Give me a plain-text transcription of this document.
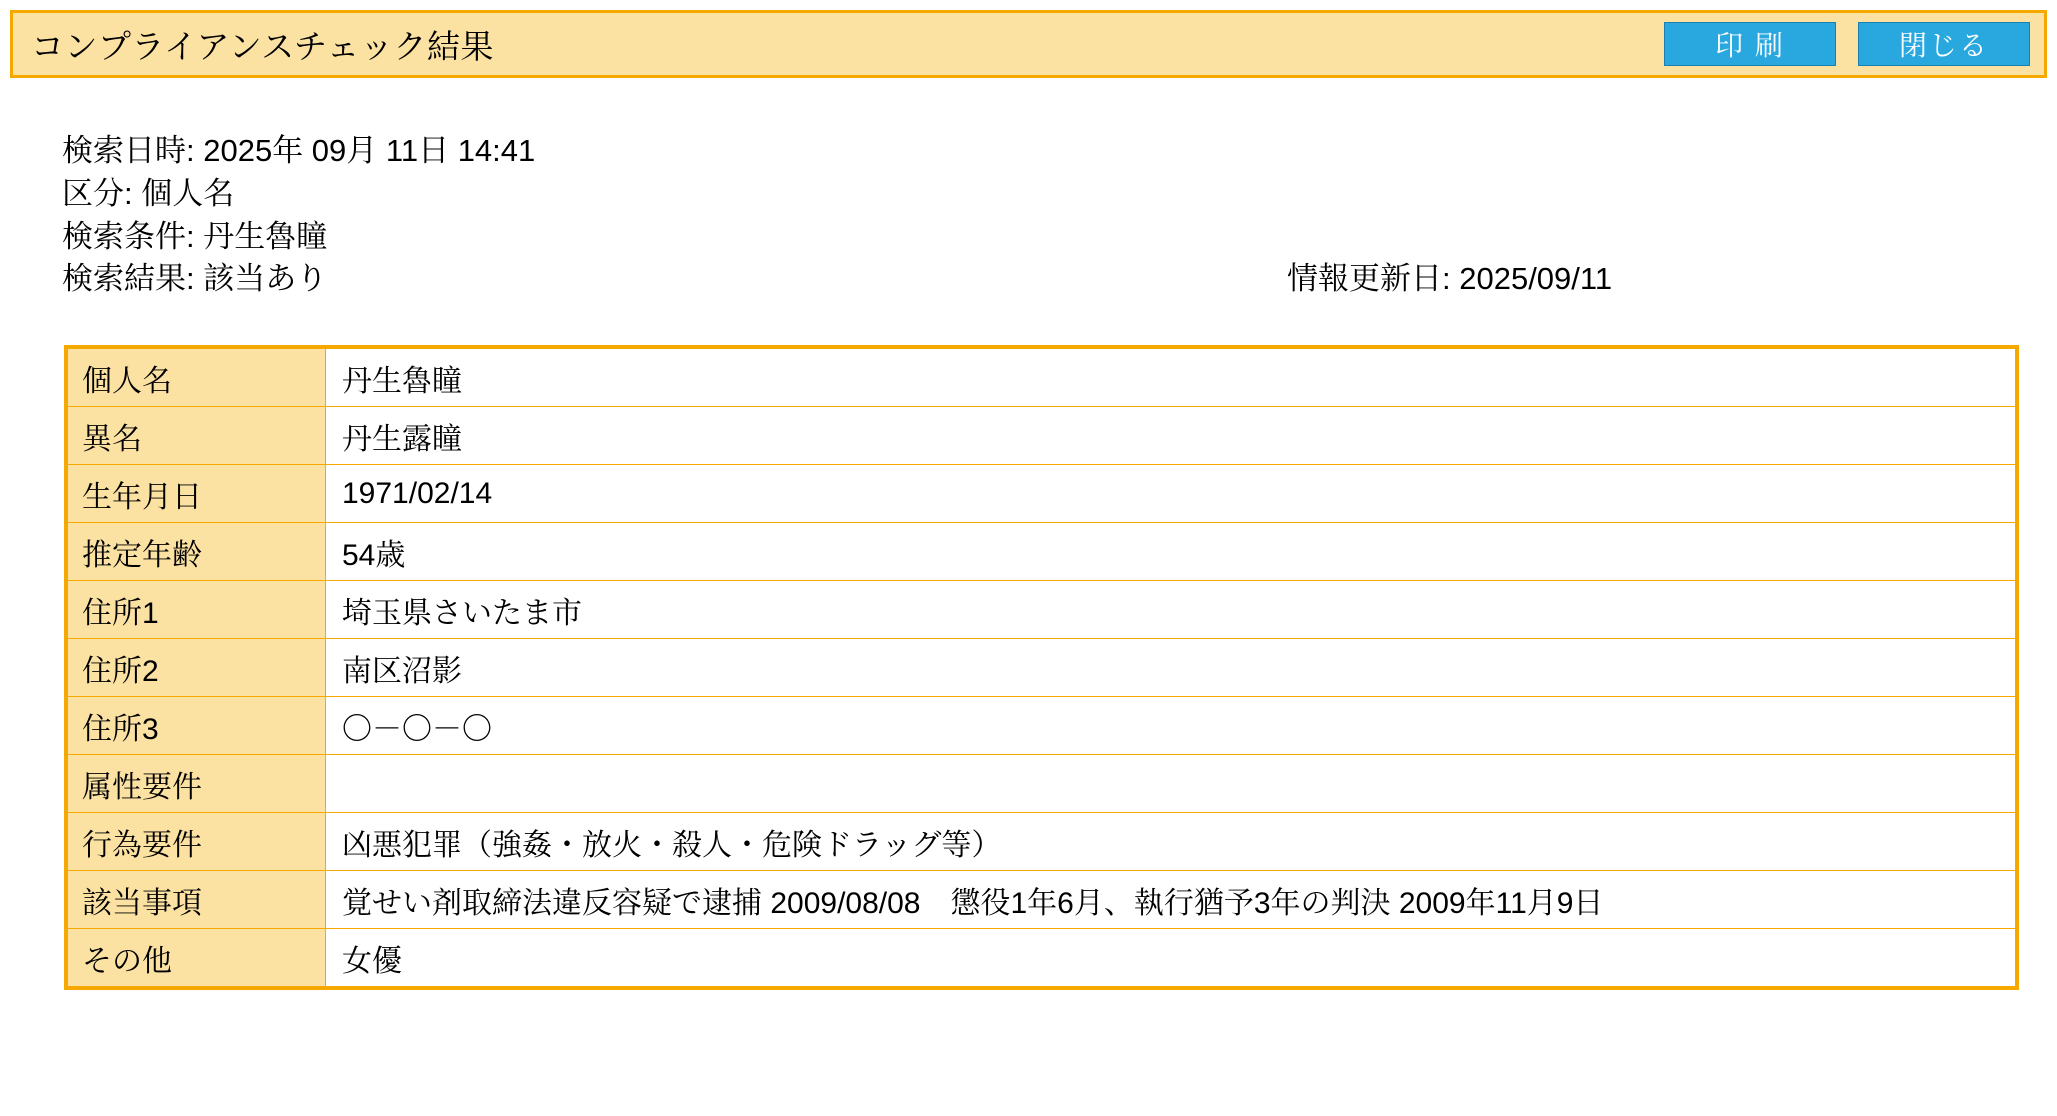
コンプライアンスチェック結果	印 刷	閉じる
検索日時: 2025年 09月 11日 14:41
区分: 個人名
検索条件: 丹生魯瞳
検索結果: 該当あり	情報更新日: 2025/09/11
個人名	丹生魯瞳
異名	丹生露瞳
生年月日	1971/02/14
推定年齢	54歳
住所1	埼玉県さいたま市
住所2	南区沼影
住所3	〇－〇－〇
属性要件	
行為要件	凶悪犯罪（強姦・放火・殺人・危険ドラッグ等）
該当事項	覚せい剤取締法違反容疑で逮捕 2009/08/08　懲役1年6月、執行猶予3年の判決 2009年11月9日
その他	女優
